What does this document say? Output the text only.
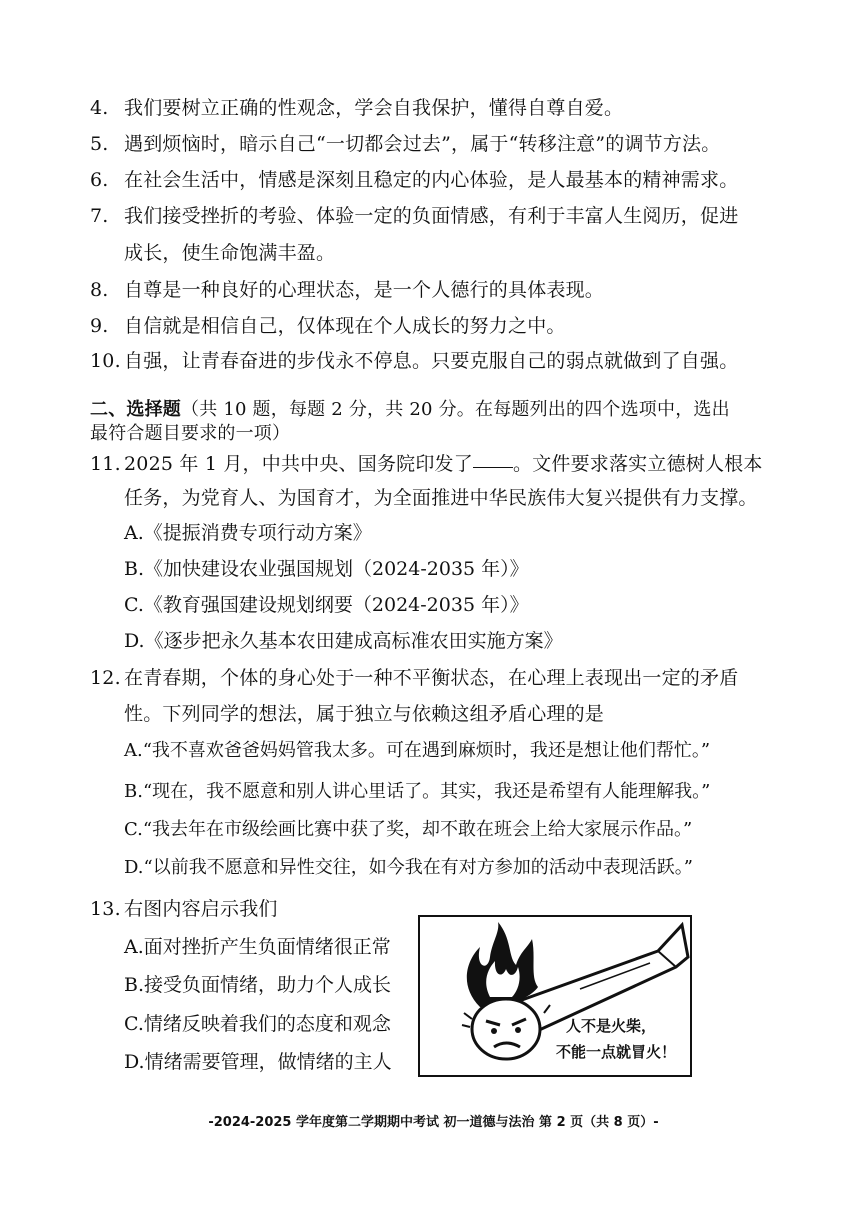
4. 我们要树立正确的性观念，学会自我保护，懂得自尊自爱。
5. 遇到烦恼时，暗示自己“一切都会过去”，属于“转移注意”的调节方法。
6. 在社会生活中，情感是深刻且稳定的内心体验，是人最基本的精神需求。
7. 我们接受挫折的考验、体验一定的负面情感，有利于丰富人生阅历，促进
成长，使生命饱满丰盈。
8. 自尊是一种良好的心理状态，是一个人德行的具体表现。
9. 自信就是相信自己，仅体现在个人成长的努力之中。
10. 自强，让青春奋进的步伐永不停息。只要克服自己的弱点就做到了自强。
二、选择题（共 10 题，每题 2 分，共 20 分。在每题列出的四个选项中，选出
最符合题目要求的一项）
11. 2025 年 1 月，中共中央、国务院印发了 。文件要求落实立德树人根本
任务，为党育人、为国育才，为全面推进中华民族伟大复兴提供有力支撑。
A.《提振消费专项行动方案》
B.《加快建设农业强国规划（2024-2035 年）》
C.《教育强国建设规划纲要（2024-2035 年）》
D.《逐步把永久基本农田建成高标准农田实施方案》
12. 在青春期，个体的身心处于一种不平衡状态，在心理上表现出一定的矛盾
性。下列同学的想法，属于独立与依赖这组矛盾心理的是
A.“我不喜欢爸爸妈妈管我太多。可在遇到麻烦时，我还是想让他们帮忙。”
B.“现在，我不愿意和别人讲心里话了。其实，我还是希望有人能理解我。”
C.“我去年在市级绘画比赛中获了奖，却不敢在班会上给大家展示作品。”
D.“以前我不愿意和异性交往，如今我在有对方参加的活动中表现活跃。”
13. 右图内容启示我们
A.面对挫折产生负面情绪很正常
B.接受负面情绪，助力个人成长
C.情绪反映着我们的态度和观念
D.情绪需要管理，做情绪的主人
人不是火柴，
不能一点就冒火！
-2024-2025 学年度第二学期期中考试 初一道德与法治 第 2 页（共 8 页）-
